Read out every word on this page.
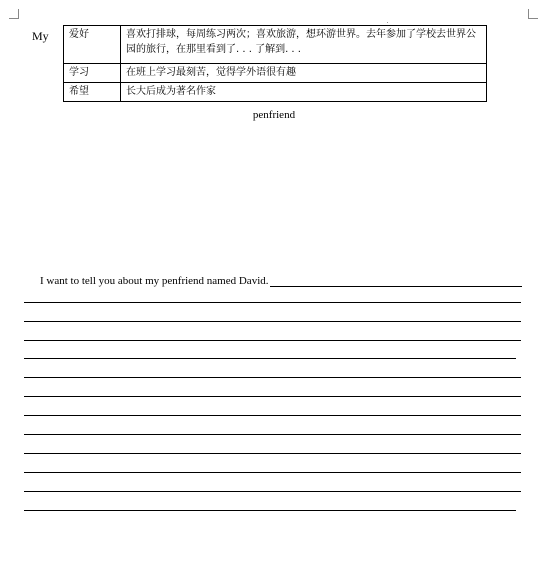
My 爱好	喜欢打排球，每周练习两次；喜欢旅游，想环游世界。去年参加了学校去世界公园的旅行，在那里看到了. . . 了解到. . .
学习	在班上学习最刻苦，觉得学外语很有趣
希望	长大后成为著名作家
penfriend
I want to tell you about my penfriend named David.
